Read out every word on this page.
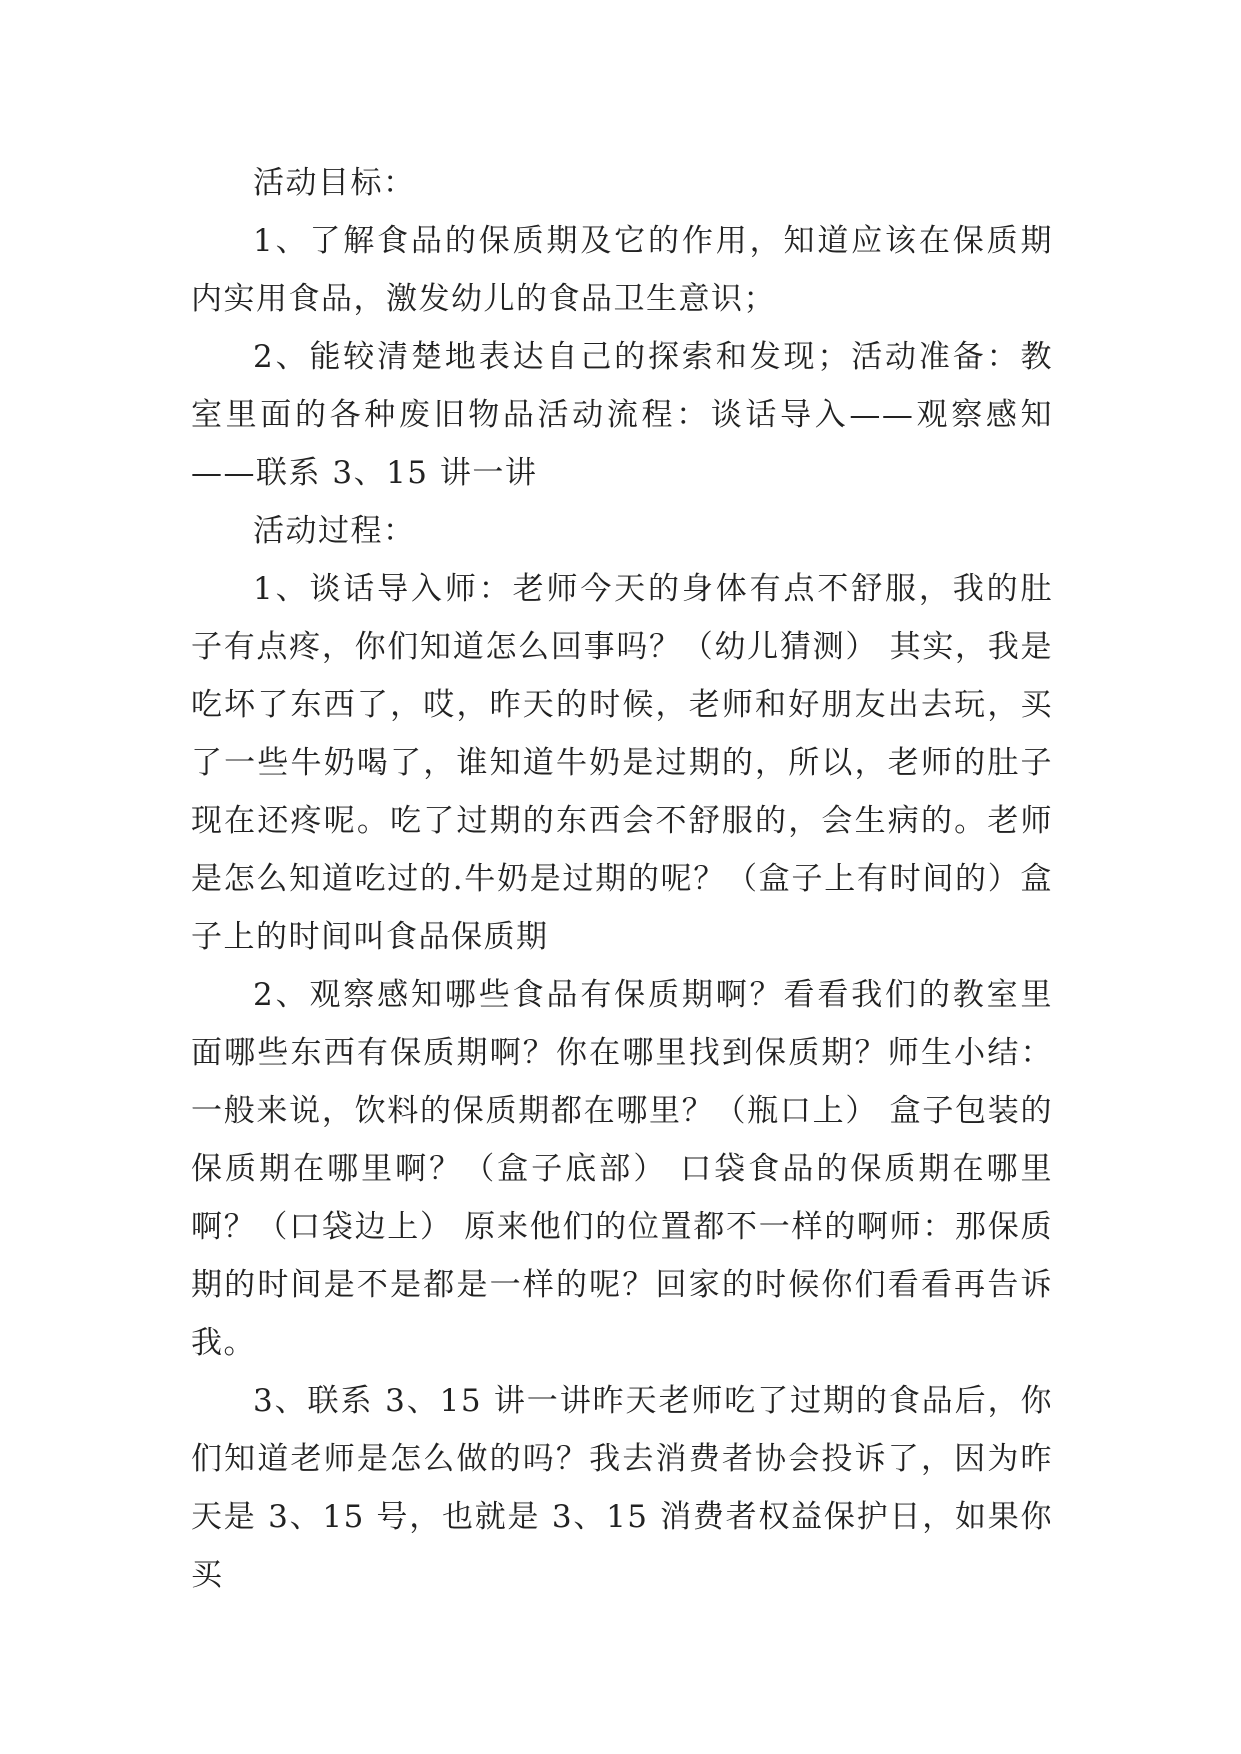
活动目标：

1、了解食品的保质期及它的作用，知道应该在保质期内实用食品，激发幼儿的食品卫生意识；

2、能较清楚地表达自己的探索和发现；活动准备：教室里面的各种废旧物品活动流程：谈话导入——观察感知——联系 3、15 讲一讲

活动过程：

1、谈话导入师：老师今天的身体有点不舒服，我的肚子有点疼，你们知道怎么回事吗？（幼儿猜测） 其实，我是吃坏了东西了，哎，昨天的时候，老师和好朋友出去玩，买了一些牛奶喝了，谁知道牛奶是过期的，所以，老师的肚子现在还疼呢。吃了过期的东西会不舒服的，会生病的。老师是怎么知道吃过的.牛奶是过期的呢？（盒子上有时间的）盒子上的时间叫食品保质期

2、观察感知哪些食品有保质期啊？看看我们的教室里面哪些东西有保质期啊？你在哪里找到保质期？师生小结：一般来说，饮料的保质期都在哪里？（瓶口上） 盒子包装的保质期在哪里啊？（盒子底部） 口袋食品的保质期在哪里啊？（口袋边上） 原来他们的位置都不一样的啊师：那保质期的时间是不是都是一样的呢？回家的时候你们看看再告诉我。

3、联系 3、15 讲一讲昨天老师吃了过期的食品后，你们知道老师是怎么做的吗？我去消费者协会投诉了，因为昨天是 3、15 号，也就是 3、15 消费者权益保护日，如果你买
